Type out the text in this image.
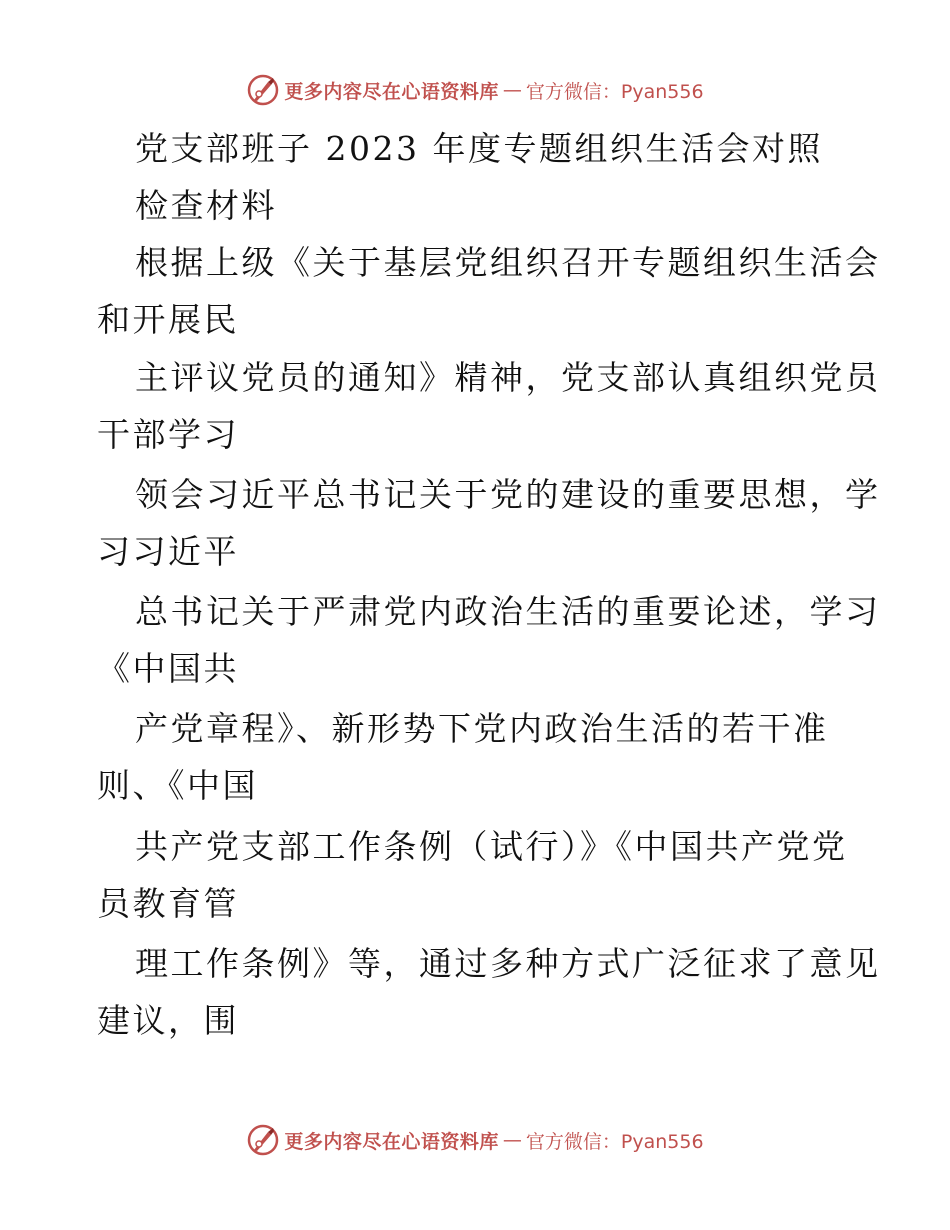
更多内容尽在心语资料库 — 官方微信：Pyan556
党支部班子 2023 年度专题组织生活会对照
检查材料
根据上级《关于基层党组织召开专题组织生活会
和开展民
主评议党员的通知》精神，党支部认真组织党员
干部学习
领会习近平总书记关于党的建设的重要思想，学
习习近平
总书记关于严肃党内政治生活的重要论述，学习
《中国共
产党章程》、新形势下党内政治生活的若干准
则、《中国
共产党支部工作条例（试行）》《中国共产党党
员教育管
理工作条例》等，通过多种方式广泛征求了意见
建议，围
更多内容尽在心语资料库 — 官方微信：Pyan556
